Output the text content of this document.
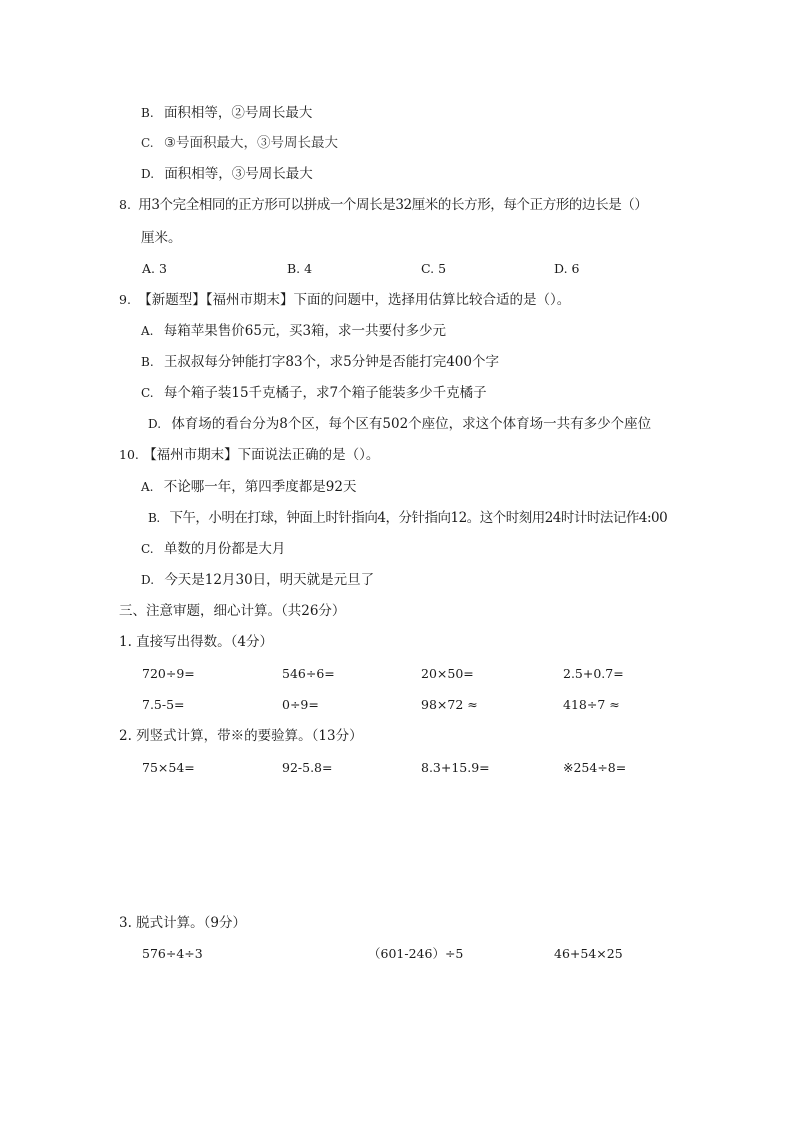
B. 面积相等，②号周长最大
C. ③号面积最大，③号周长最大
D. 面积相等，③号周长最大
8. 用3个完全相同的正方形可以拼成一个周长是32厘米的长方形，每个正方形的边长是（）
厘米。
A. 3	B. 4	C. 5	D. 6
9. 【新题型】【福州市期末】下面的问题中，选择用估算比较合适的是（）。
A. 每箱苹果售价65元，买3箱，求一共要付多少元
B. 王叔叔每分钟能打字83个，求5分钟是否能打完400个字
C. 每个箱子装15千克橘子，求7个箱子能装多少千克橘子
D. 体育场的看台分为8个区，每个区有502个座位，求这个体育场一共有多少个座位
10. 【福州市期末】下面说法正确的是（）。
A. 不论哪一年，第四季度都是92天
B. 下午，小明在打球，钟面上时针指向4，分针指向12。这个时刻用24时计时法记作4:00
C. 单数的月份都是大月
D. 今天是12月30日，明天就是元旦了
三、注意审题，细心计算。（共26分）
1. 直接写出得数。（4分）
720÷9=	546÷6=	20×50=	2.5+0.7=
7.5-5=	0÷9=	98×72 ≈	418÷7 ≈
2. 列竖式计算，带※的要验算。（13分）
75×54=	92-5.8=	8.3+15.9=	※254÷8=
3. 脱式计算。（9分）
576÷4÷3	（601-246）÷5	46+54×25
